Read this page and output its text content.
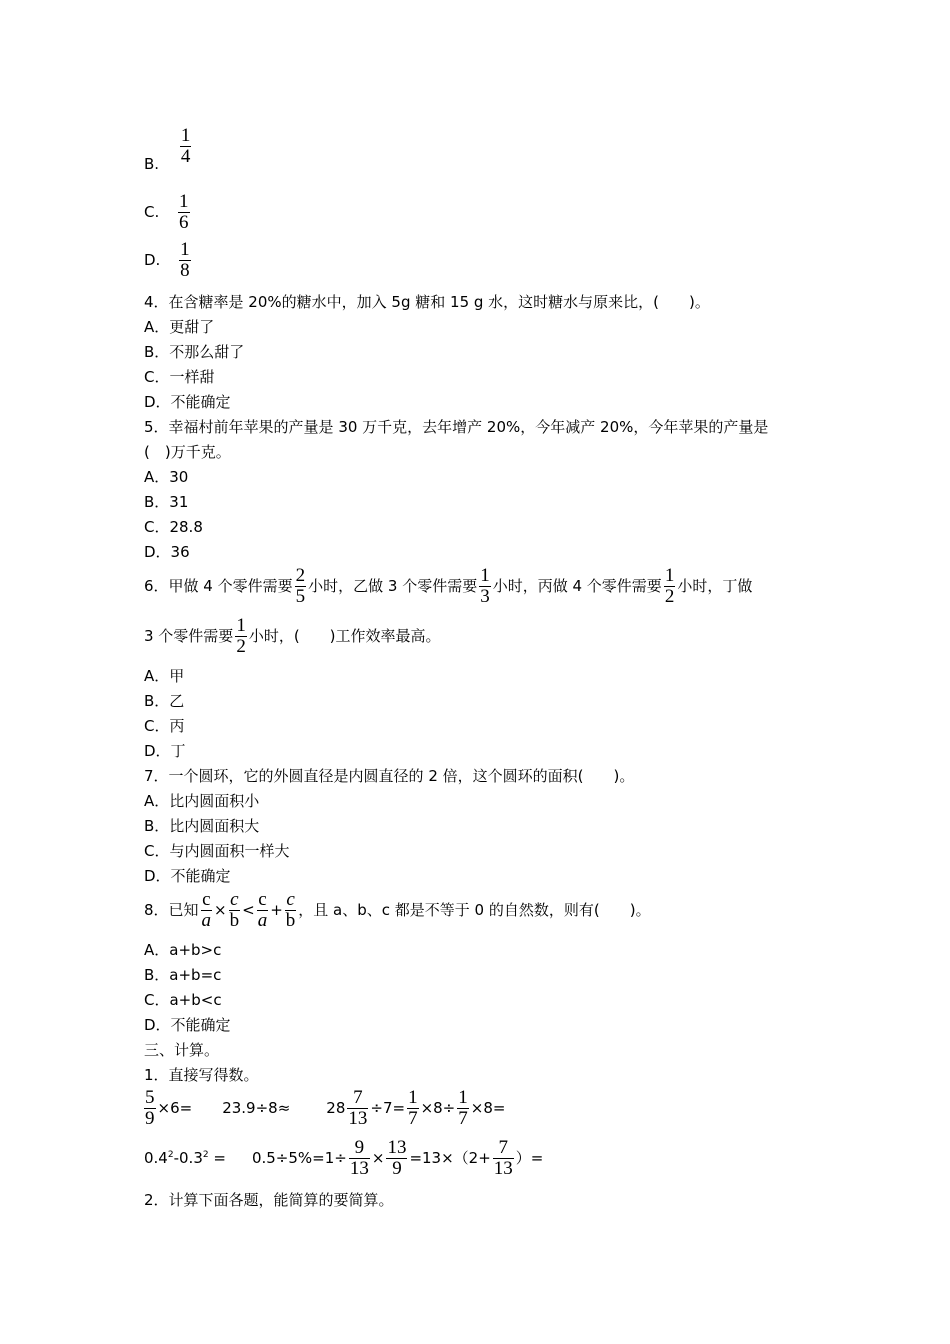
B. $\frac{1}{4}$
C. $\frac{1}{6}$
D. $\frac{1}{8}$
4．在含糖率是 20%的糖水中，加入 5g 糖和 15 g 水，这时糖水与原来比，(　　)。
A．更甜了
B．不那么甜了
C．一样甜
D．不能确定
5．幸福村前年苹果的产量是 30 万千克，去年增产 20%，今年减产 20%，今年苹果的产量是
(　)万千克。
A．30
B．31
C．28.8
D．36
6．甲做 4 个零件需要 $\frac{2}{5}$ 小时，乙做 3 个零件需要 $\frac{1}{3}$ 小时，丙做 4 个零件需要 $\frac{1}{2}$ 小时，丁做
3 个零件需要 $\frac{1}{2}$ 小时，(　　)工作效率最高。
A．甲
B．乙
C．丙
D．丁
7．一个圆环，它的外圆直径是内圆直径的 2 倍，这个圆环的面积(　　)。
A．比内圆面积小
B．比内圆面积大
C．与内圆面积一样大
D．不能确定
8．已知 $\frac{c}{a} \times \frac{c}{b} < \frac{c}{a} + \frac{c}{b}$ ，且 a、b、c 都是不等于 0 的自然数，则有(　　)。
A．a+b>c
B．a+b=c
C．a+b<c
D．不能确定
三、计算。
1．直接写得数。
$\frac{5}{9} \times 6= 23.9\div 8\approx 28 \frac{7}{13} \div 7= \frac{1}{7} \times 8\div \frac{1}{7} \times 8=$
$0.4^2-0.3^2 = 0.5\div 5\%=1\div \frac{9}{13} \times \frac{13}{9} =13\times(2+ \frac{7}{13}$ ）=
2．计算下面各题，能简算的要简算。
